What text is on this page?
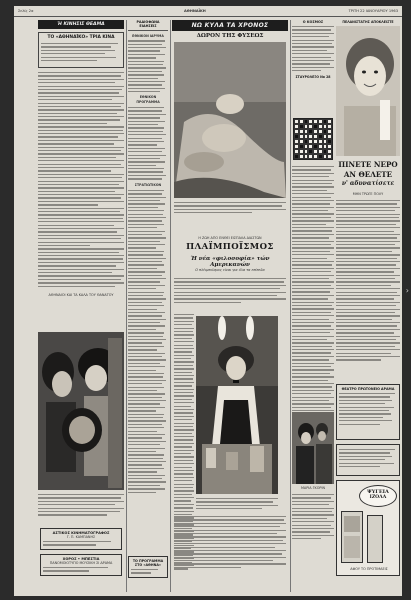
Σελίς 2α	ΑΘΗΝΑΪΚΗ	ΤΡΙΤΗ 22 ΙΑΝΟΥΑΡΙΟΥ 1963
Ή ΚΙΝΗΣΙΣ ΘΕΑΜΑ
ΤΟ «ΑΘΗΝΑΪΚΟ» ΤΡΙΑ ΚΙΝΑ
ΑΘΗΝΑΙΟΙ ΚΑΙ ΤΑ ΚΑΛΑ ΤΟΥ ΘΑΝΑΤΟΥ
ΑΣΤΙΚΟΣ ΚΙΝΗΜΑΤΟΓΡΑΦΟΣ
Γ. Π. ΚΑΜΠΑΝΗΣ
ΧΟΡΟΣ • ΜΠΕΣΤΙΑ
ΠΑΝΟΜΟΙΟΤΥΠΟ ΜΟΥΣΙΚΗ ΣΙ ΔΡΑΜΑ
ΡΑΔΙΟΦΩΝΑ ΕΙΔΗΣΕΙΣ
ΕΘΝΙΚΟΝ ΙΔΡΥΜΑ
ΕΘΝΙΚΟΝ ΠΡΟΓΡΑΜΜΑ
ΣΤΡΑΤΙΩΤΙΚΟΝ
ΤΟ ΠΡΟΓΡΑΜΜΑ ΣΤΟ «ΑΘΗΝΑ»
ΝΩ ΚΥΛΑ ΤΑ ΧΡΟΝΟΣ
ΔΩΡΟΝ ΤΗΣ ΦΥΣΕΩΣ
Η ΖΩΗ ΑΠΟ ΕΝΘΕΙ ΕΙΣΠΑΛΑ ΔΙΑΣΤΩΝ
ΠΛΑΪΜΠΟΪΣΜΟΣ
Ή νέα «φιλοσοφία» τών Αμερικανών
Ο πλέιμποϊσμος είναι για όλα τα επίπεδα
Ο ΚΟΣΜΟΣ
ΣΤΑΥΡΟΛΕΞΟ Νο 28
ΜΑΡΙΑ ΓΚΟΡΙΝ
ΠΕΛΑΝΙΣΤΑΤΗΣ ΑΠΟΚΛΕΙΣΤΕ
ΠΙΝΕΤΕ ΝΕΡΟ
ΑΝ ΘΕΛΕΤΕ
ν' αδυνατίσετε
ΜΗΝ ΤΡΩΓΕ ΠΟΛΥ
ΘΕΑΤΡΟ ΠΡΩΤΟΝΕΙΟ ΔΡΑΜΑ
ΨΥΓΕΙΑ
ΙΖΟΛΑ
ΑΦΟΥ ΤΟ ΠΡΟΤΙΜΑΕΙΣ
›
